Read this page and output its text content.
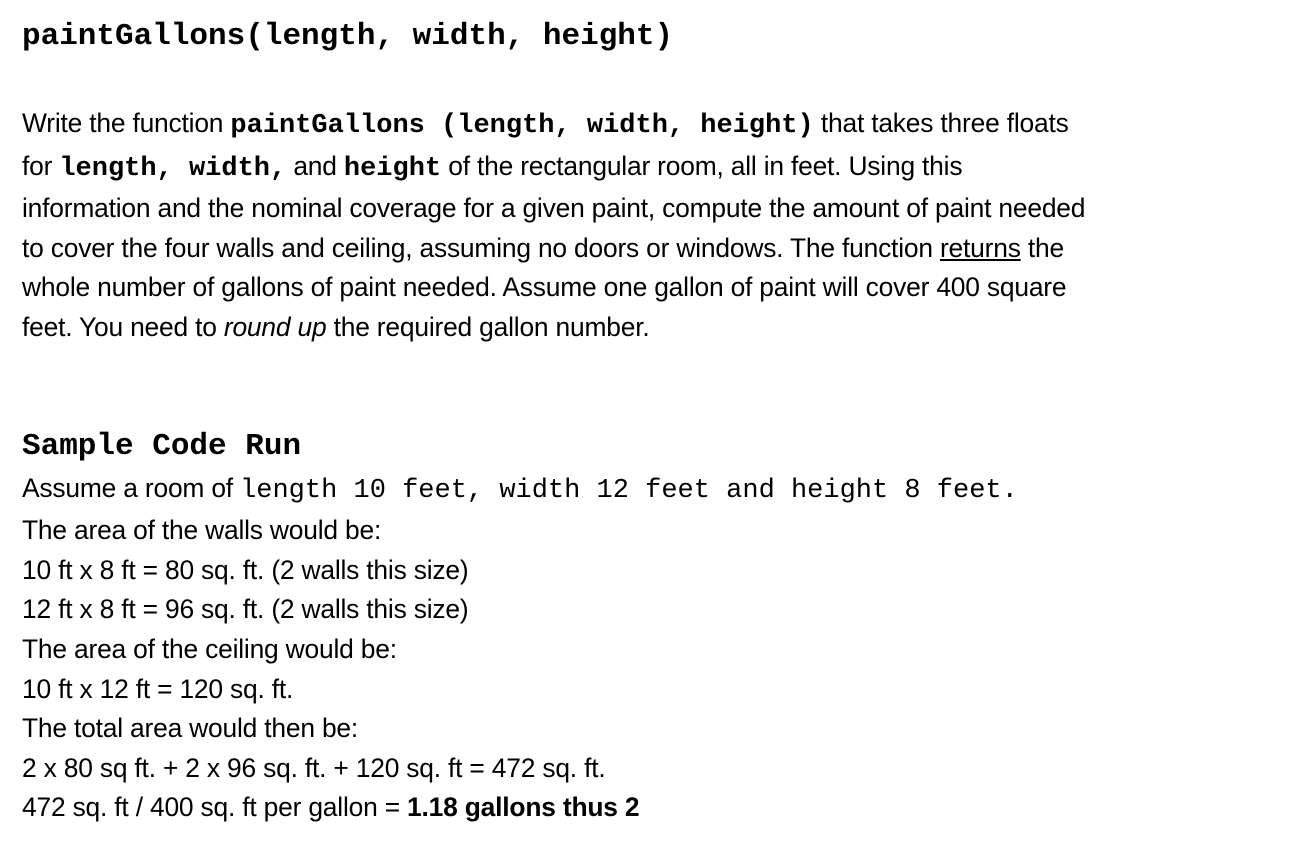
paintGallons(length, width, height)
Write the function paintGallons (length, width, height) that takes three floats
for length, width, and height of the rectangular room, all in feet. Using this
information and the nominal coverage for a given paint, compute the amount of paint needed
to cover the four walls and ceiling, assuming no doors or windows. The function returns the
whole number of gallons of paint needed. Assume one gallon of paint will cover 400 square
feet. You need to round up the required gallon number.
Sample Code Run
Assume a room of length 10 feet, width 12 feet and height 8 feet.
The area of the walls would be:
10 ft x 8 ft = 80 sq. ft. (2 walls this size)
12 ft x 8 ft = 96 sq. ft. (2 walls this size)
The area of the ceiling would be:
10 ft x 12 ft = 120 sq. ft.
The total area would then be:
2 x 80 sq ft. + 2 x 96 sq. ft. + 120 sq. ft = 472 sq. ft.
472 sq. ft / 400 sq. ft per gallon = 1.18 gallons thus 2
